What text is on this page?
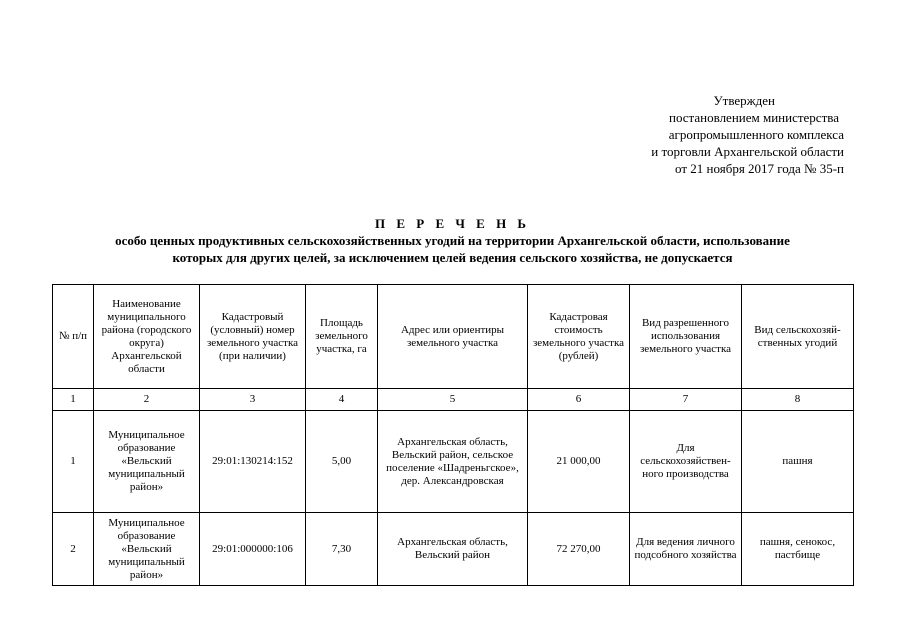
Утвержден
постановлением министерства
агропромышленного комплекса
и торговли Архангельской области
от 21 ноября 2017 года № 35-п
П Е Р Е Ч Е Н Ь
особо ценных продуктивных сельскохозяйственных угодий на территории Архангельской области, использование
которых для других целей, за исключением целей ведения сельского хозяйства, не допускается
№ п/п	Наименование муниципального района (городского округа) Архангельской области	Кадастровый (условный) номер земельного участка (при наличии)	Площадь земельного участка, га	Адрес или ориентиры земельного участка	Кадастровая стоимость земельного участка (рублей)	Вид разрешенного использования земельного участка	Вид сельскохозяй-ственных угодий
1	2	3	4	5	6	7	8
1	Муниципальное образование «Вельский муниципальный район»	29:01:130214:152	5,00	Архангельская область, Вельский район, сельское поселение «Шадреньгское», дер. Александровская	21 000,00	Для сельскохозяйствен-ного производства	пашня
2	Муниципальное образование «Вельский муниципальный район»	29:01:000000:106	7,30	Архангельская область, Вельский район	72 270,00	Для ведения личного подсобного хозяйства	пашня, сенокос, пастбище
